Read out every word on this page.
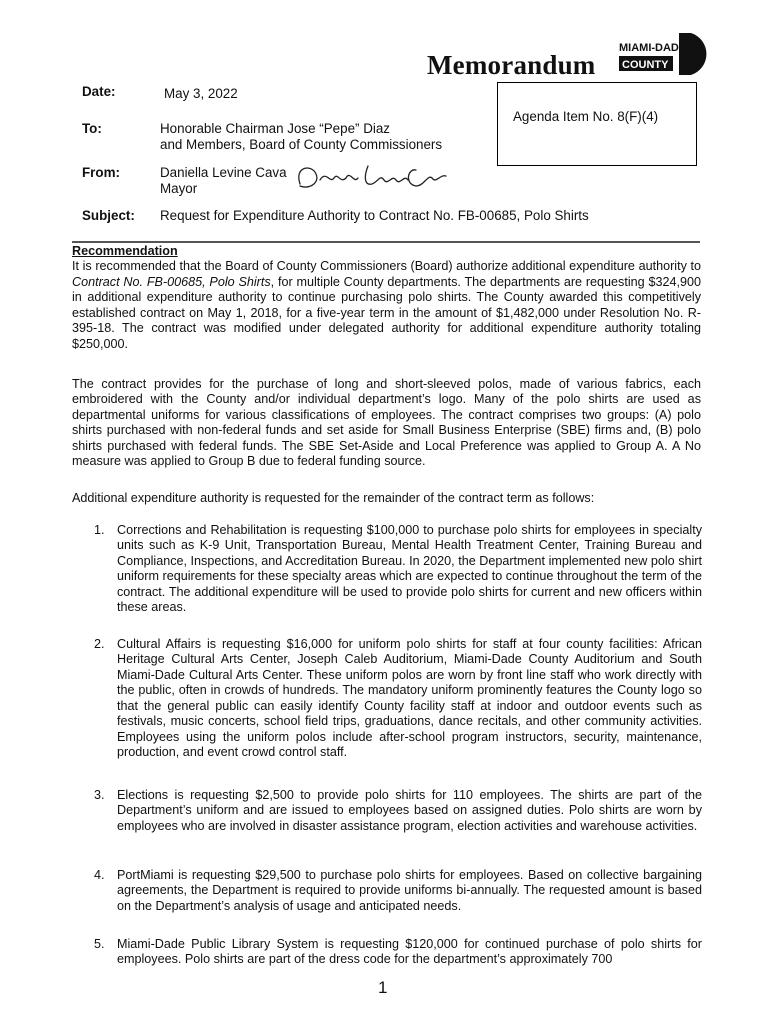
Memorandum
MIAMI-DADE
COUNTY
Date:	May 3, 2022
Agenda Item No. 8(F)(4)
To:	Honorable Chairman Jose “Pepe” Diaz
and Members, Board of County Commissioners
From:	Daniella Levine Cava
Mayor
Subject: Request for Expenditure Authority to Contract No. FB-00685, Polo Shirts
Recommendation
It is recommended that the Board of County Commissioners (Board) authorize additional expenditure authority to Contract No. FB-00685, Polo Shirts, for multiple County departments. The departments are requesting $324,900 in additional expenditure authority to continue purchasing polo shirts. The County awarded this competitively established contract on May 1, 2018, for a five-year term in the amount of $1,482,000 under Resolution No. R-395-18. The contract was modified under delegated authority for additional expenditure authority totaling $250,000.
The contract provides for the purchase of long and short-sleeved polos, made of various fabrics, each embroidered with the County and/or individual department’s logo. Many of the polo shirts are used as departmental uniforms for various classifications of employees. The contract comprises two groups: (A) polo shirts purchased with non-federal funds and set aside for Small Business Enterprise (SBE) firms and, (B) polo shirts purchased with federal funds. The SBE Set-Aside and Local Preference was applied to Group A. A No measure was applied to Group B due to federal funding source.
Additional expenditure authority is requested for the remainder of the contract term as follows:
1. Corrections and Rehabilitation is requesting $100,000 to purchase polo shirts for employees in specialty units such as K-9 Unit, Transportation Bureau, Mental Health Treatment Center, Training Bureau and Compliance, Inspections, and Accreditation Bureau. In 2020, the Department implemented new polo shirt uniform requirements for these specialty areas which are expected to continue throughout the term of the contract. The additional expenditure will be used to provide polo shirts for current and new officers within these areas.
2. Cultural Affairs is requesting $16,000 for uniform polo shirts for staff at four county facilities: African Heritage Cultural Arts Center, Joseph Caleb Auditorium, Miami-Dade County Auditorium and South Miami-Dade Cultural Arts Center. These uniform polos are worn by front line staff who work directly with the public, often in crowds of hundreds. The mandatory uniform prominently features the County logo so that the general public can easily identify County facility staff at indoor and outdoor events such as festivals, music concerts, school field trips, graduations, dance recitals, and other community activities. Employees using the uniform polos include after-school program instructors, security, maintenance, production, and event crowd control staff.
3. Elections is requesting $2,500 to provide polo shirts for 110 employees. The shirts are part of the Department’s uniform and are issued to employees based on assigned duties. Polo shirts are worn by employees who are involved in disaster assistance program, election activities and warehouse activities.
4. PortMiami is requesting $29,500 to purchase polo shirts for employees. Based on collective bargaining agreements, the Department is required to provide uniforms bi-annually. The requested amount is based on the Department’s analysis of usage and anticipated needs.
5. Miami-Dade Public Library System is requesting $120,000 for continued purchase of polo shirts for employees. Polo shirts are part of the dress code for the department’s approximately 700
1
